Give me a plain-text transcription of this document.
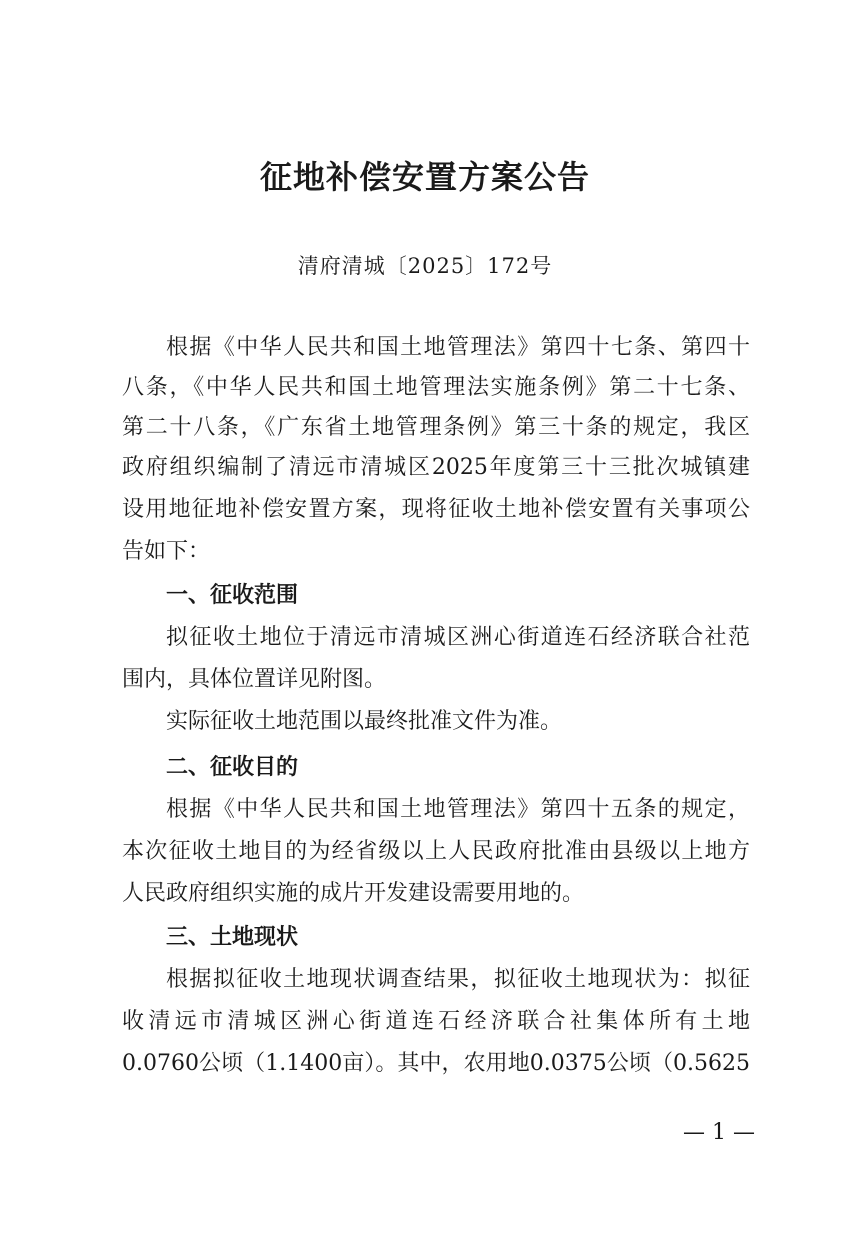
征地补偿安置方案公告
清府清城〔2025〕172号
根据《中华人民共和国土地管理法》第四十七条、第四十
八条，《中华人民共和国土地管理法实施条例》第二十七条、
第二十八条，《广东省土地管理条例》第三十条的规定，我区
政府组织编制了清远市清城区2025年度第三十三批次城镇建
设用地征地补偿安置方案，现将征收土地补偿安置有关事项公
告如下：
一、征收范围
拟征收土地位于清远市清城区洲心街道连石经济联合社范
围内，具体位置详见附图。
实际征收土地范围以最终批准文件为准。
二、征收目的
根据《中华人民共和国土地管理法》第四十五条的规定，
本次征收土地目的为经省级以上人民政府批准由县级以上地方
人民政府组织实施的成片开发建设需要用地的。
三、土地现状
根据拟征收土地现状调查结果，拟征收土地现状为：拟征
收清远市清城区洲心街道连石经济联合社集体所有土地
0.0760公顷（1.1400亩）。其中，农用地0.0375公顷（0.5625
— 1 —
